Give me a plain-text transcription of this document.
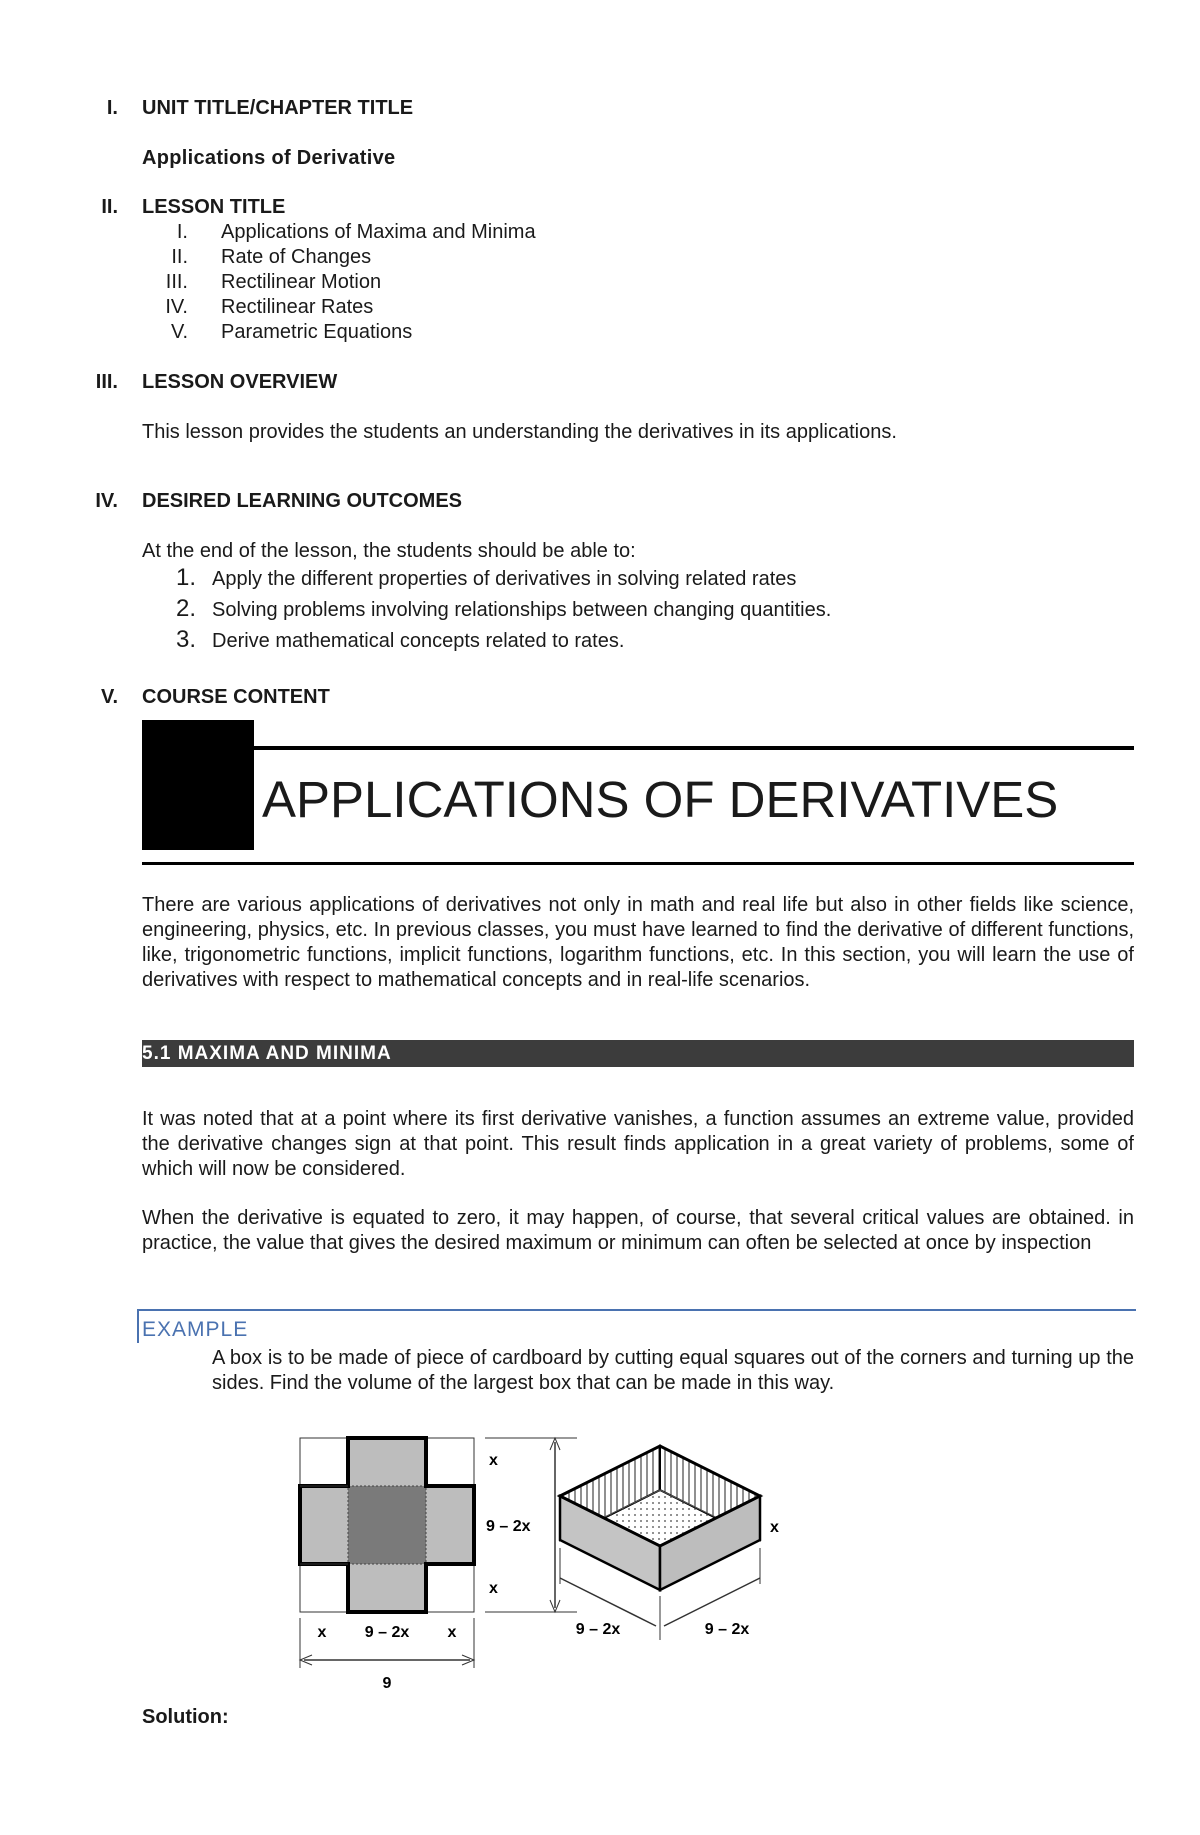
I. UNIT TITLE/CHAPTER TITLE
Applications of Derivative
II. LESSON TITLE
I. Applications of Maxima and Minima
II. Rate of Changes
III. Rectilinear Motion
IV. Rectilinear Rates
V. Parametric Equations
III. LESSON OVERVIEW
This lesson provides the students an understanding the derivatives in its applications.
IV. DESIRED LEARNING OUTCOMES
At the end of the lesson, the students should be able to:
1. Apply the different properties of derivatives in solving related rates
2. Solving problems involving relationships between changing quantities.
3. Derive mathematical concepts related to rates.
V. COURSE CONTENT
APPLICATIONS OF DERIVATIVES
There are various applications of derivatives not only in math and real life but also in other fields like science, engineering, physics, etc. In previous classes, you must have learned to find the derivative of different functions, like, trigonometric functions, implicit functions, logarithm functions, etc. In this section, you will learn the use of derivatives with respect to mathematical concepts and in real-life scenarios.
5.1 MAXIMA AND MINIMA
It was noted that at a point where its first derivative vanishes, a function assumes an extreme value, provided the derivative changes sign at that point. This result finds application in a great variety of problems, some of which will now be considered.
When the derivative is equated to zero, it may happen, of course, that several critical values are obtained. in practice, the value that gives the desired maximum or minimum can often be selected at once by inspection
EXAMPLE
A box is to be made of piece of cardboard by cutting equal squares out of the corners and turning up the sides. Find the volume of the largest box that can be made in this way.
x
9 – 2x
x
x 9 – 2x x
9
x
9 – 2x	9 – 2x
Solution:
